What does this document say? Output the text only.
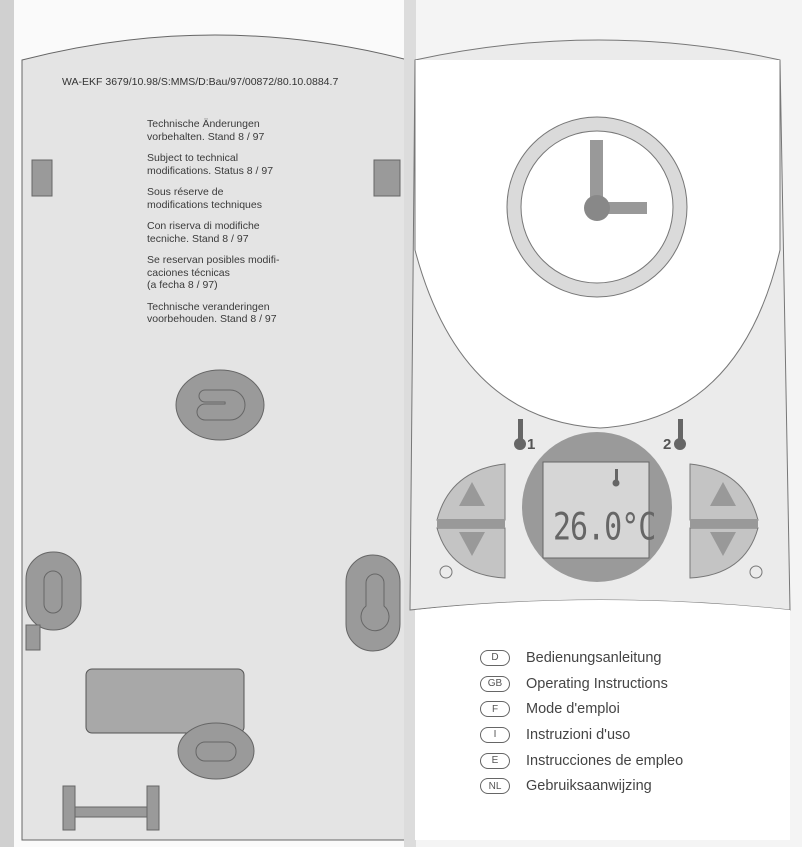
WA-EKF 3679/10.98/S:MMS/D:Bau/97/00872/80.10.0884.7

Technische Änderungen
vorbehalten. Stand 8 / 97

Subject to technical
modifications. Status 8 / 97

Sous réserve de
modifications techniques

Con riserva di modifiche
tecniche. Stand 8 / 97

Se reservan posibles modifi-
caciones técnicas
(a fecha 8 / 97)

Technische veranderingen
voorbehouden. Stand 8 / 97

1	2
26.0°C
D	Bedienungsanleitung
GB	Operating Instructions
F	Mode d'emploi
I	Instruzioni d'uso
E	Instrucciones de empleo
NL	Gebruiksaanwijzing
